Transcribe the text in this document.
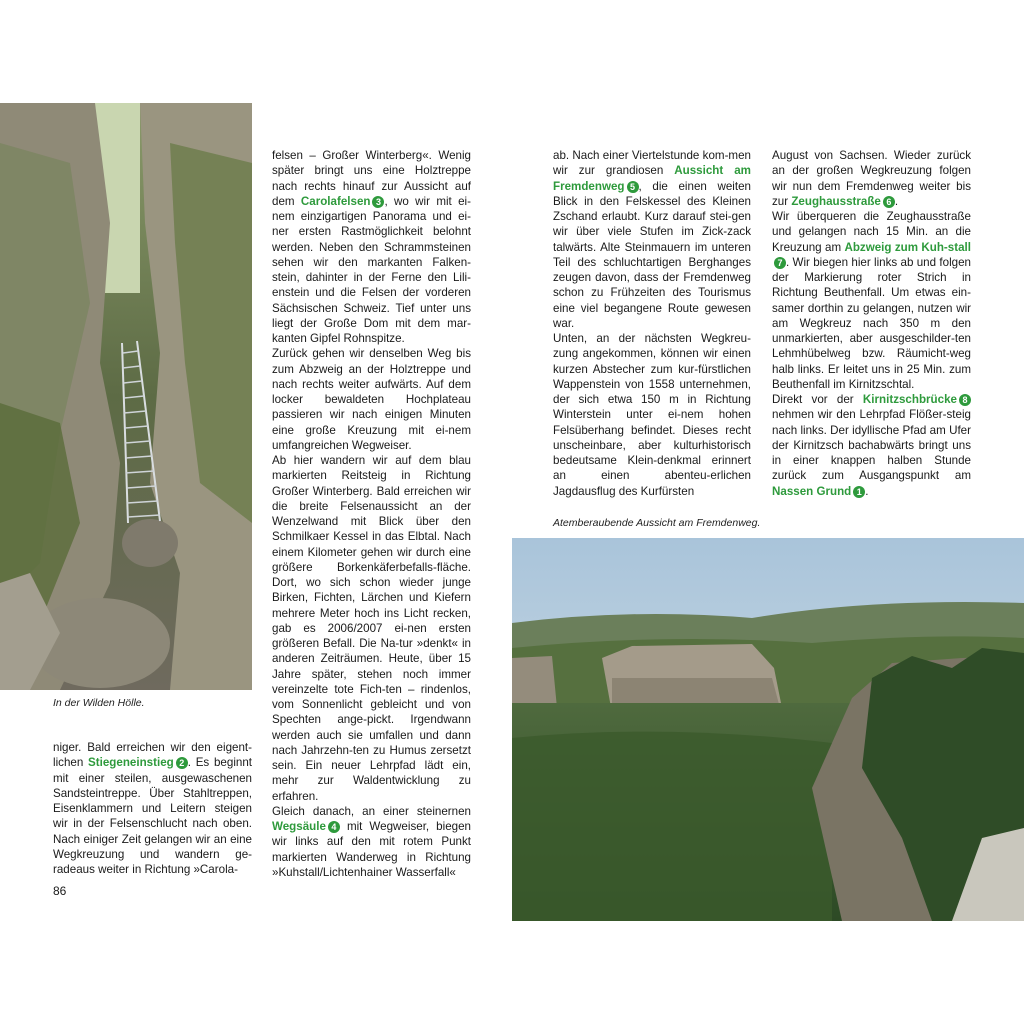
In der Wilden Hölle.

niger. Bald erreichen wir den eigent-lichen Stiegeneinstieg 2 . Es beginnt mit einer steilen, ausgewaschenen Sandsteintreppe. Über Stahltreppen, Eisenklammern und Leitern steigen wir in der Felsenschlucht nach oben. Nach einiger Zeit gelangen wir an eine Wegkreuzung und wandern ge-radeaus weiter in Richtung »Carola-

86

felsen – Großer Winterberg«. Wenig später bringt uns eine Holztreppe nach rechts hinauf zur Aussicht auf dem Carolafelsen 3 , wo wir mit ei-nem einzigartigen Panorama und ei-ner ersten Rastmöglichkeit belohnt werden. Neben den Schrammsteinen sehen wir den markanten Falken-stein, dahinter in der Ferne den Lili-enstein und die Felsen der vorderen Sächsischen Schweiz. Tief unter uns liegt der Große Dom mit dem mar-kanten Gipfel Rohnspitze.

Zurück gehen wir denselben Weg bis zum Abzweig an der Holztreppe und nach rechts weiter aufwärts. Auf dem locker bewaldeten Hochplateau passieren wir nach einigen Minuten eine große Kreuzung mit ei-nem umfangreichen Wegweiser.

Ab hier wandern wir auf dem blau markierten Reitsteig in Richtung Großer Winterberg. Bald erreichen wir die breite Felsenaussicht an der Wenzelwand mit Blick über den Schmilkaer Kessel in das Elbtal. Nach einem Kilometer gehen wir durch eine größere Borkenkäferbefalls-fläche. Dort, wo sich schon wieder junge Birken, Fichten, Lärchen und Kiefern mehrere Meter hoch ins Licht recken, gab es 2006/2007 ei-nen ersten größeren Befall. Die Na-tur »denkt« in anderen Zeiträumen. Heute, über 15 Jahre später, stehen noch immer vereinzelte tote Fich-ten – rindenlos, vom Sonnenlicht gebleicht und von Spechten ange-pickt. Irgendwann werden auch sie umfallen und dann nach Jahrzehn-ten zu Humus zersetzt sein. Ein neuer Lehrpfad lädt ein, mehr zur Waldentwicklung zu erfahren.

Gleich danach, an einer steinernen Wegsäule 4 mit Wegweiser, biegen wir links auf den mit rotem Punkt markierten Wanderweg in Richtung »Kuhstall/Lichtenhainer Wasserfall«

ab. Nach einer Viertelstunde kom-men wir zur grandiosen Aussicht am Fremdenweg 5 , die einen weiten Blick in den Felskessel des Kleinen Zschand erlaubt. Kurz darauf stei-gen wir über viele Stufen im Zick-zack talwärts. Alte Steinmauern im unteren Teil des schluchtartigen Berghanges zeugen davon, dass der Fremdenweg schon zu Frühzeiten des Tourismus eine viel begangene Route gewesen war.

Unten, an der nächsten Wegkreu-zung angekommen, können wir einen kurzen Abstecher zum kur-fürstlichen Wappenstein von 1558 unternehmen, der sich etwa 150 m in Richtung Winterstein unter ei-nem hohen Felsüberhang befindet. Dieses recht unscheinbare, aber kulturhistorisch bedeutsame Klein-denkmal erinnert an einen abenteu-erlichen Jagdausflug des Kurfürsten

August von Sachsen. Wieder zurück an der großen Wegkreuzung folgen wir nun dem Fremdenweg weiter bis zur Zeughausstraße 6 .

Wir überqueren die Zeughausstraße und gelangen nach 15 Min. an die Kreuzung am Abzweig zum Kuh-stall7 . Wir biegen hier links ab und folgen der Markierung roter Strich in Richtung Beuthenfall. Um etwas ein-samer dorthin zu gelangen, nutzen wir am Wegkreuz nach 350 m den unmarkierten, aber ausgeschilder-ten Lehmhübelweg bzw. Räumicht-weg halb links. Er leitet uns in 25 Min. zum Beuthenfall im Kirnitzschtal.

Direkt vor der Kirnitzschbrücke 8 nehmen wir den Lehrpfad Flößer-steig nach links. Der idyllische Pfad am Ufer der Kirnitzsch bachabwärts bringt uns in einer knappen halben Stunde zurück zum Ausgangspunkt am Nassen Grund 1 .

Atemberaubende Aussicht am Fremdenweg.
